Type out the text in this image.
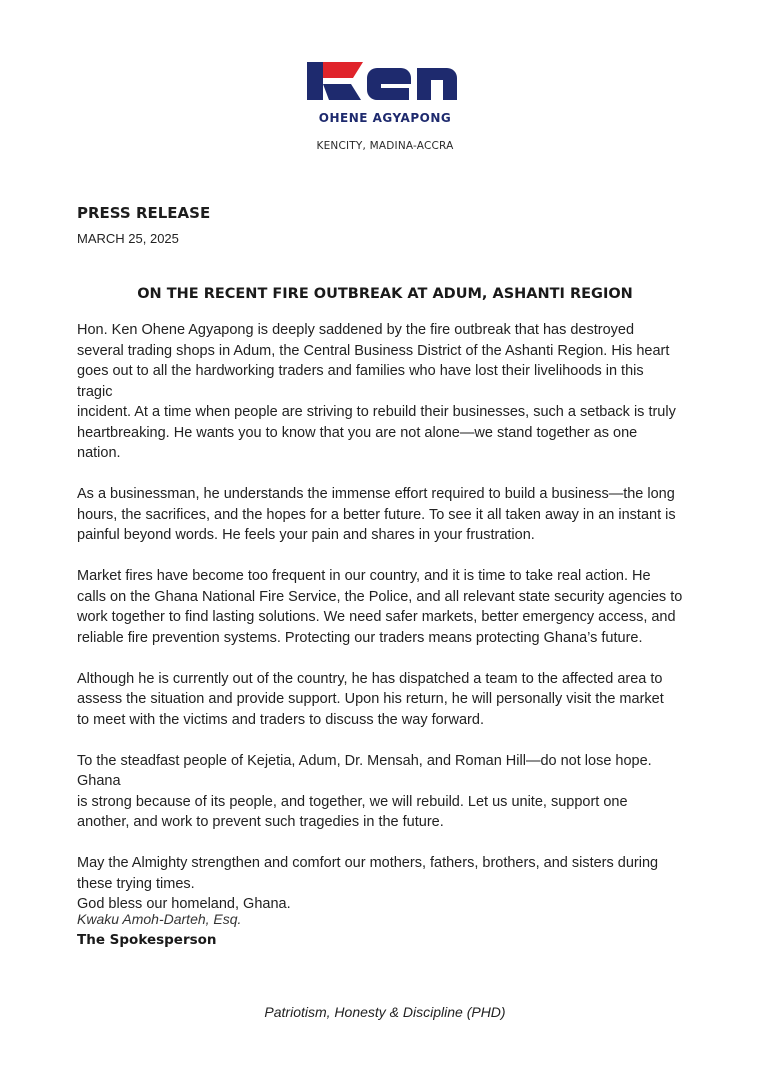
OHENE AGYAPONG
KENCITY, MADINA-ACCRA
PRESS RELEASE
MARCH 25, 2025
ON THE RECENT FIRE OUTBREAK AT ADUM, ASHANTI REGION

Hon. Ken Ohene Agyapong is deeply saddened by the fire outbreak that has destroyed
several trading shops in Adum, the Central Business District of the Ashanti Region. His heart
goes out to all the hardworking traders and families who have lost their livelihoods in this
tragic
incident. At a time when people are striving to rebuild their businesses, such a setback is truly
heartbreaking. He wants you to know that you are not alone—we stand together as one
nation.

As a businessman, he understands the immense effort required to build a business—the long
hours, the sacrifices, and the hopes for a better future. To see it all taken away in an instant is
painful beyond words. He feels your pain and shares in your frustration.

Market fires have become too frequent in our country, and it is time to take real action. He
calls on the Ghana National Fire Service, the Police, and all relevant state security agencies to
work together to find lasting solutions. We need safer markets, better emergency access, and
reliable fire prevention systems. Protecting our traders means protecting Ghana’s future.

Although he is currently out of the country, he has dispatched a team to the affected area to
assess the situation and provide support. Upon his return, he will personally visit the market
to meet with the victims and traders to discuss the way forward.

To the steadfast people of Kejetia, Adum, Dr. Mensah, and Roman Hill—do not lose hope. Ghana
is strong because of its people, and together, we will rebuild. Let us unite, support one
another, and work to prevent such tragedies in the future.

May the Almighty strengthen and comfort our mothers, fathers, brothers, and sisters during
these trying times.
God bless our homeland, Ghana.

Kwaku Amoh-Darteh, Esq.
The Spokesperson
Patriotism, Honesty & Discipline (PHD)
